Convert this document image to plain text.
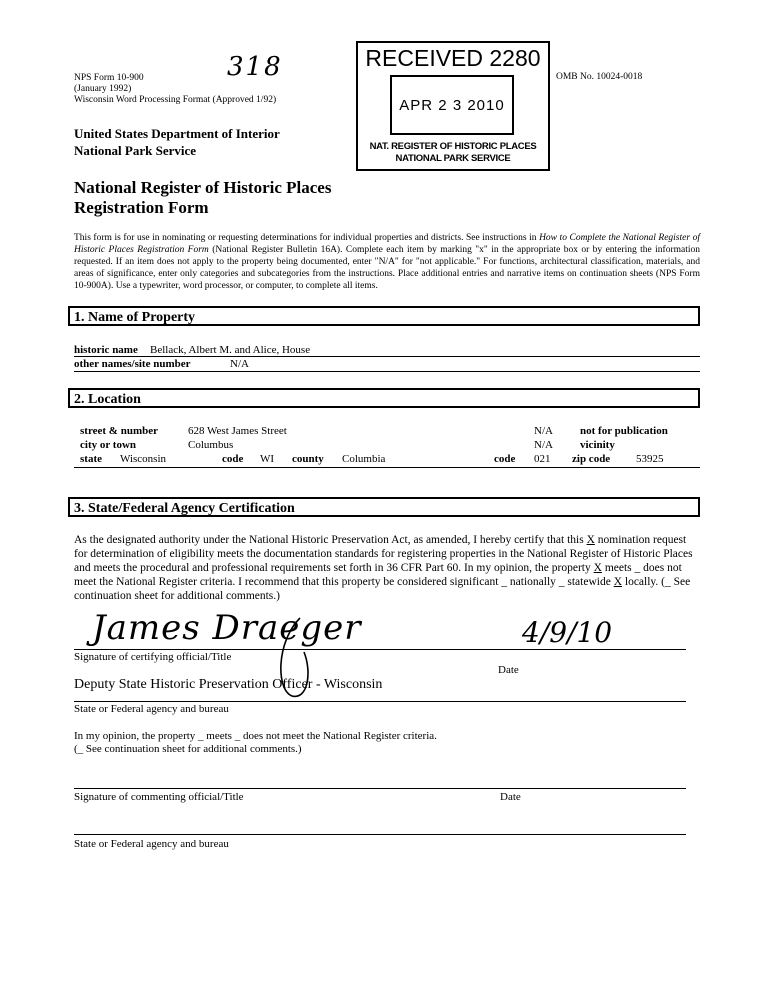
NPS Form 10-900
(January 1992)
Wisconsin Word Processing Format (Approved 1/92)
318	OMB No. 10024-0018
United States Department of Interior
National Park Service
RECEIVED 2280
APR 2 3 2010
NAT. REGISTER OF HISTORIC PLACES
NATIONAL PARK SERVICE
National Register of Historic Places
Registration Form
This form is for use in nominating or requesting determinations for individual properties and districts. See instructions in How to Complete the National Register of Historic Places Registration Form (National Register Bulletin 16A). Complete each item by marking "x" in the appropriate box or by entering the information requested. If an item does not apply to the property being documented, enter "N/A" for "not applicable." For functions, architectural classification, materials, and areas of significance, enter only categories and subcategories from the instructions. Place additional entries and narrative items on continuation sheets (NPS Form 10-900A). Use a typewriter, word processor, or computer, to complete all items.
1. Name of Property
historic name Bellack, Albert M. and Alice, House
other names/site number	N/A
2. Location
street & number	628 West James Street	N/A not for publication
city or town	Columbus	N/A vicinity
state Wisconsin	code WI county Columbia	code 021 zip code 53925
3. State/Federal Agency Certification
As the designated authority under the National Historic Preservation Act, as amended, I hereby certify that this X nomination request for determination of eligibility meets the documentation standards for registering properties in the National Register of Historic Places and meets the procedural and professional requirements set forth in 36 CFR Part 60. In my opinion, the property X meets _ does not meet the National Register criteria. I recommend that this property be considered significant _ nationally _ statewide X locally. (_ See continuation sheet for additional comments.)
James Draeger	4/9/10
Signature of certifying official/Title
Date
Deputy State Historic Preservation Officer - Wisconsin
State or Federal agency and bureau
In my opinion, the property _ meets _ does not meet the National Register criteria.
(_ See continuation sheet for additional comments.)
Signature of commenting official/Title	Date
State or Federal agency and bureau
